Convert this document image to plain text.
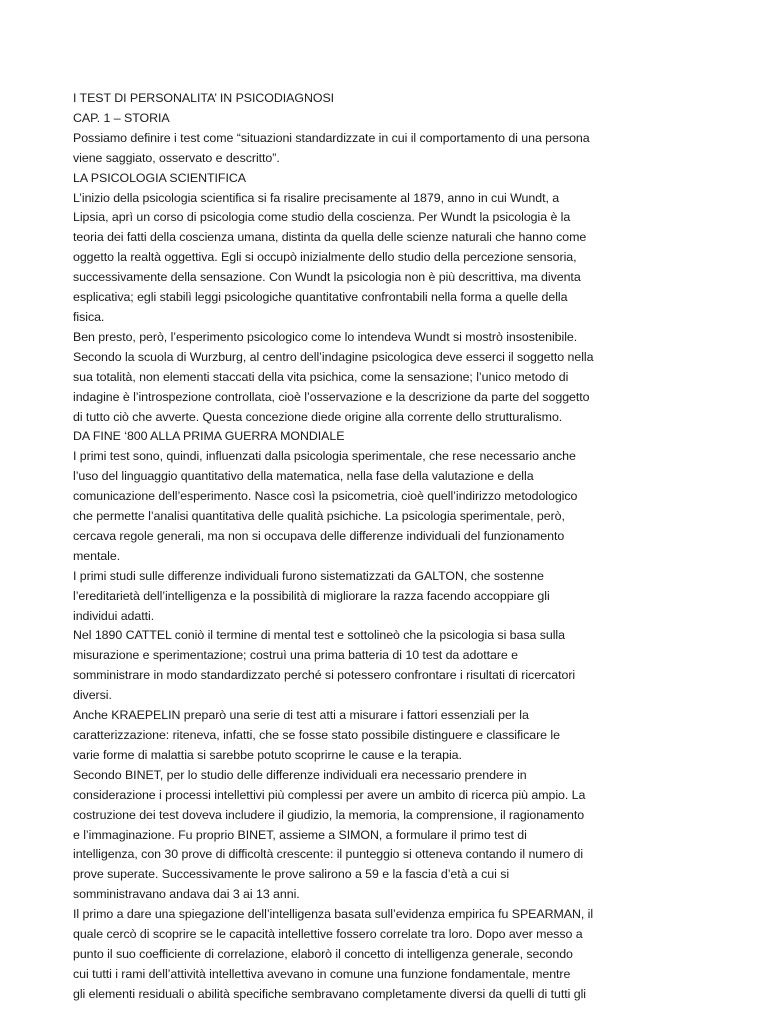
I TEST DI PERSONALITA’ IN PSICODIAGNOSI
CAP. 1 – STORIA
Possiamo definire i test come “situazioni standardizzate in cui il comportamento di una persona
viene saggiato, osservato e descritto”.
LA PSICOLOGIA SCIENTIFICA
L’inizio della psicologia scientifica si fa risalire precisamente al 1879, anno in cui Wundt, a
Lipsia, aprì un corso di psicologia come studio della coscienza. Per Wundt la psicologia è la
teoria dei fatti della coscienza umana, distinta da quella delle scienze naturali che hanno come
oggetto la realtà oggettiva. Egli si occupò inizialmente dello studio della percezione sensoria,
successivamente della sensazione. Con Wundt la psicologia non è più descrittiva, ma diventa
esplicativa; egli stabilì leggi psicologiche quantitative confrontabili nella forma a quelle della
fisica.
Ben presto, però, l’esperimento psicologico come lo intendeva Wundt si mostrò insostenibile.
Secondo la scuola di Wurzburg, al centro dell’indagine psicologica deve esserci il soggetto nella
sua totalità, non elementi staccati della vita psichica, come la sensazione; l’unico metodo di
indagine è l’introspezione controllata, cioè l’osservazione e la descrizione da parte del soggetto
di tutto ciò che avverte. Questa concezione diede origine alla corrente dello strutturalismo.
DA FINE ‘800 ALLA PRIMA GUERRA MONDIALE
I primi test sono, quindi, influenzati dalla psicologia sperimentale, che rese necessario anche
l’uso del linguaggio quantitativo della matematica, nella fase della valutazione e della
comunicazione dell’esperimento. Nasce così la psicometria, cioè quell’indirizzo metodologico
che permette l’analisi quantitativa delle qualità psichiche. La psicologia sperimentale, però,
cercava regole generali, ma non si occupava delle differenze individuali del funzionamento
mentale.
I primi studi sulle differenze individuali furono sistematizzati da GALTON, che sostenne
l’ereditarietà dell’intelligenza e la possibilità di migliorare la razza facendo accoppiare gli
individui adatti.
Nel 1890 CATTEL coniò il termine di mental test e sottolineò che la psicologia si basa sulla
misurazione e sperimentazione; costruì una prima batteria di 10 test da adottare e
somministrare in modo standardizzato perché si potessero confrontare i risultati di ricercatori
diversi.
Anche KRAEPELIN preparò una serie di test atti a misurare i fattori essenziali per la
caratterizzazione: riteneva, infatti, che se fosse stato possibile distinguere e classificare le
varie forme di malattia si sarebbe potuto scoprirne le cause e la terapia.
Secondo BINET, per lo studio delle differenze individuali era necessario prendere in
considerazione i processi intellettivi più complessi per avere un ambito di ricerca più ampio. La
costruzione dei test doveva includere il giudizio, la memoria, la comprensione, il ragionamento
e l’immaginazione. Fu proprio BINET, assieme a SIMON, a formulare il primo test di
intelligenza, con 30 prove di difficoltà crescente: il punteggio si otteneva contando il numero di
prove superate. Successivamente le prove salirono a 59 e la fascia d’età a cui si
somministravano andava dai 3 ai 13 anni.
Il primo a dare una spiegazione dell’intelligenza basata sull’evidenza empirica fu SPEARMAN, il
quale cercò di scoprire se le capacità intellettive fossero correlate tra loro. Dopo aver messo a
punto il suo coefficiente di correlazione, elaborò il concetto di intelligenza generale, secondo
cui tutti i rami dell’attività intellettiva avevano in comune una funzione fondamentale, mentre
gli elementi residuali o abilità specifiche sembravano completamente diversi da quelli di tutti gli
